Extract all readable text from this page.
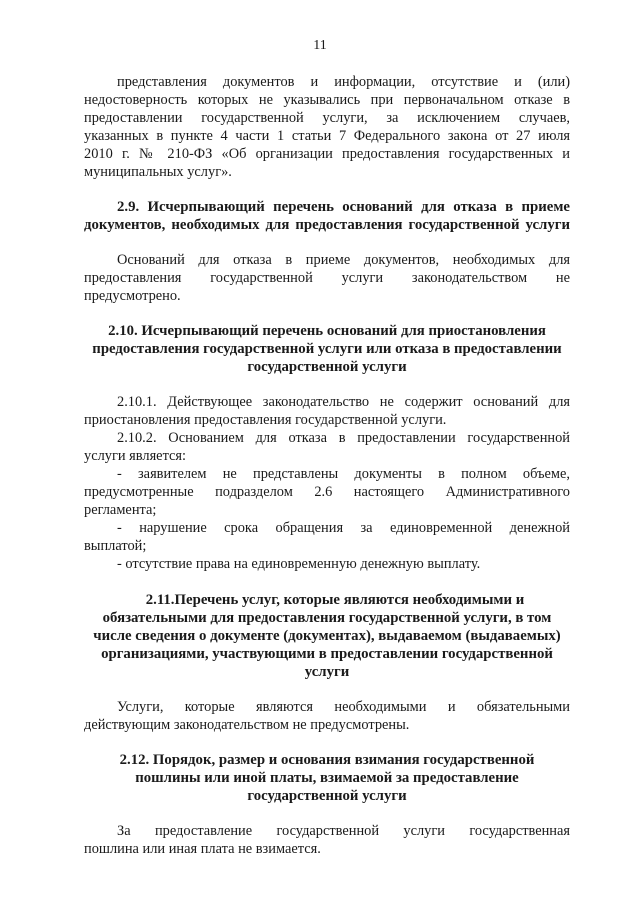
11
представления документов и информации, отсутствие и (или)
недостоверность которых не указывались при первоначальном отказе в
предоставлении государственной услуги, за исключением случаев,
указанных в пункте 4 части 1 статьи 7 Федерального закона от 27 июля
2010 г. № 210-ФЗ «Об организации предоставления государственных и
муниципальных услуг».
2.9. Исчерпывающий перечень оснований для отказа в приеме
документов, необходимых для предоставления государственной услуги
Оснований для отказа в приеме документов, необходимых для
предоставления государственной услуги законодательством не
предусмотрено.
2.10. Исчерпывающий перечень оснований для приостановления
предоставления государственной услуги или отказа в предоставлении
государственной услуги
2.10.1. Действующее законодательство не содержит оснований для
приостановления предоставления государственной услуги.
2.10.2. Основанием для отказа в предоставлении государственной
услуги является:
- заявителем не представлены документы в полном объеме,
предусмотренные подразделом 2.6 настоящего Административного
регламента;
- нарушение срока обращения за единовременной денежной
выплатой;
- отсутствие права на единовременную денежную выплату.
2.11.Перечень услуг, которые являются необходимыми и
обязательными для предоставления государственной услуги, в том
числе сведения о документе (документах), выдаваемом (выдаваемых)
организациями, участвующими в предоставлении государственной
услуги
Услуги, которые являются необходимыми и обязательными
действующим законодательством не предусмотрены.
2.12. Порядок, размер и основания взимания государственной
пошлины или иной платы, взимаемой за предоставление
государственной услуги
За предоставление государственной услуги государственная
пошлина или иная плата не взимается.
